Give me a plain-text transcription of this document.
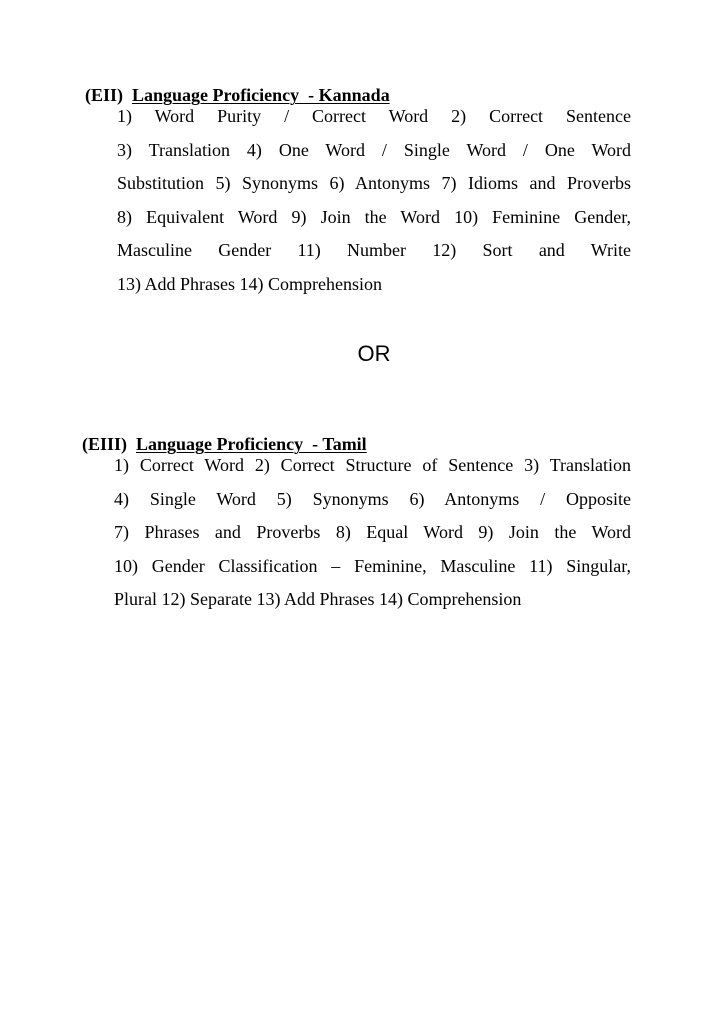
(EII) Language Proficiency  - Kannada

1) Word Purity / Correct Word 2) Correct Sentence
3) Translation 4) One Word / Single Word / One Word
Substitution 5) Synonyms 6) Antonyms 7) Idioms and Proverbs
8) Equivalent Word 9) Join the Word 10) Feminine Gender,
Masculine Gender 11) Number 12) Sort and Write
13) Add Phrases 14) Comprehension
OR

(EIII) Language Proficiency  - Tamil

1) Correct Word 2) Correct Structure of Sentence 3) Translation
4) Single Word 5) Synonyms 6) Antonyms / Opposite
7) Phrases and Proverbs 8) Equal Word 9) Join the Word
10) Gender Classification – Feminine, Masculine 11) Singular,
Plural 12) Separate 13) Add Phrases 14) Comprehension
